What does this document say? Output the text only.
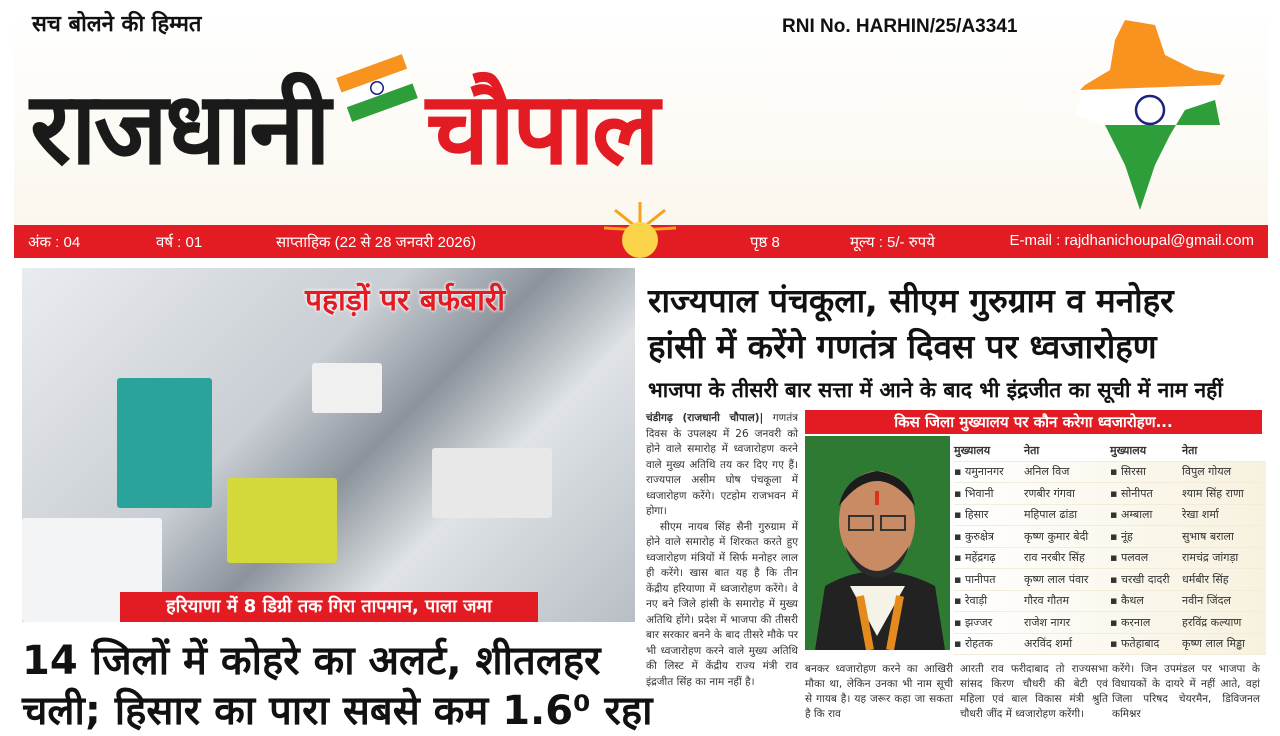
सच बोलने की हिम्मत	RNI No. HARHIN/25/A3341
राजधानी चौपाल
अंक : 04	वर्ष : 01	साप्ताहिक (22 से 28 जनवरी 2026)	पृष्ठ 8	मूल्य : 5/- रुपये	E-mail : rajdhanichoupal@gmail.com
पहाड़ों पर बर्फबारी
हरियाणा में 8 डिग्री तक गिरा तापमान, पाला जमा
14 जिलों में कोहरे का अलर्ट, शीतलहर
चली; हिसार का पारा सबसे कम 1.6⁰ रहा
राज्यपाल पंचकूला, सीएम गुरुग्राम व मनोहर
हांसी में करेंगे गणतंत्र दिवस पर ध्वजारोहण
भाजपा के तीसरी बार सत्ता में आने के बाद भी इंद्रजीत का सूची में नाम नहीं
किस जिला मुख्यालय पर कौन करेगा ध्वजारोहण...

चंडीगढ़ (राजधानी चौपाल)| गणतंत्र दिवस के उपलक्ष्य में 26 जनवरी को होने वाले समारोह में ध्वजारोहण करने वाले मुख्य अतिथि तय कर दिए गए हैं। राज्यपाल असीम घोष पंचकूला में ध्वजारोहण करेंगे। एटहोम राजभवन में होगा।

सीएम नायब सिंह सैनी गुरुग्राम में होने वाले समारोह में शिरकत करते हुए ध्वजारोहण मंत्रियों में सिर्फ मनोहर लाल ही करेंगे। खास बात यह है कि तीन केंद्रीय हरियाणा में ध्वजारोहण करेंगे। वे नए बने जिले हांसी के समारोह में मुख्य अतिथि होंगे। प्रदेश में भाजपा की तीसरी बार सरकार बनने के बाद तीसरे मौके पर भी ध्वजारोहण करने वाले मुख्य अतिथि की लिस्ट में केंद्रीय राज्य मंत्री राव इंद्रजीत सिंह का नाम नहीं है।

मुख्यालय	नेता	मुख्यालय	नेता
▪ यमुनानगर	अनिल विज	▪ सिरसा	विपुल गोयल
▪ भिवानी	रणबीर गंगवा	▪ सोनीपत	श्याम सिंह राणा
▪ हिसार	महिपाल ढांडा	▪ अम्बाला	रेखा शर्मा
▪ कुरुक्षेत्र	कृष्ण कुमार बेदी	▪ नूंह	सुभाष बराला
▪ महेंद्रगढ़	राव नरबीर सिंह	▪ पलवल	रामचंद्र जांगड़ा
▪ पानीपत	कृष्ण लाल पंवार	▪ चरखी दादरी	धर्मबीर सिंह
▪ रेवाड़ी	गौरव गौतम	▪ कैथल	नवीन जिंदल
▪ झज्जर	राजेश नागर	▪ करनाल	हरविंद्र कल्याण
▪ रोहतक	अरविंद शर्मा	▪ फतेहाबाद	कृष्ण लाल मिड्ढा
बनकर ध्वजारोहण करने का आखिरी मौका था, लेकिन उनका भी नाम सूची से गायब है। यह जरूर कहा जा सकता है कि राव
आरती राव फरीदाबाद तो राज्यसभा सांसद किरण चौधरी की बेटी एवं महिला एवं बाल विकास मंत्री श्रुति चौधरी जींद में ध्वजारोहण करेंगी।
करेंगे। जिन उपमंडल पर भाजपा के विधायकों के दायरे में नहीं आते, वहां जिला परिषद चेयरमैन, डिविजनल कमिश्नर
